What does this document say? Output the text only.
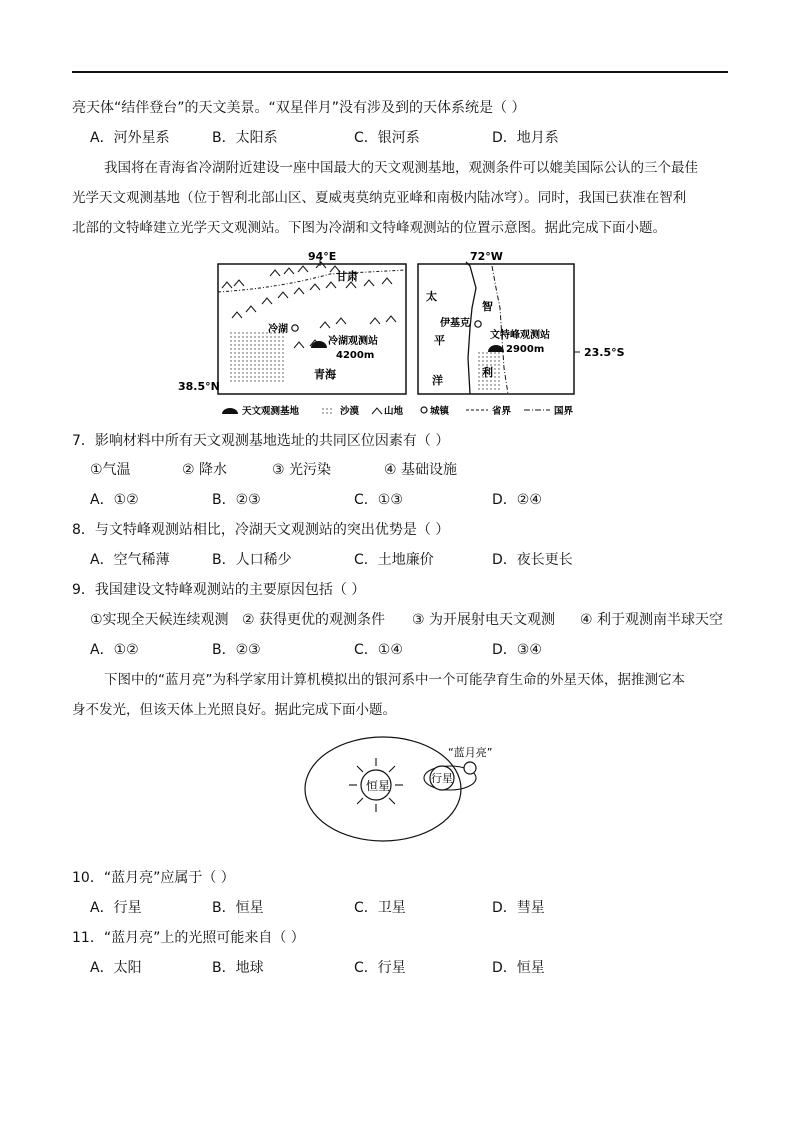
亮天体“结伴登台”的天文美景。“双星伴月”没有涉及到的天体系统是（ ）
A．河外星系	B．太阳系	C．银河系	D．地月系
我国将在青海省冷湖附近建设一座中国最大的天文观测基地，观测条件可以媲美国际公认的三个最佳
光学天文观测基地（位于智利北部山区、夏威夷莫纳克亚峰和南极内陆冰穹）。同时，我国已获准在智利
北部的文特峰建立光学天文观测站。下图为冷湖和文特峰观测站的位置示意图。据此完成下面小题。
94°E
38.5°N
甘肃
冷湖
冷湖观测站
4200m
青海
72°W
太
平
洋
智
利
伊基克
文特峰观测站
2900m	23.5°S
天文观测基地	沙漠	山地	城镇	省界	国界
7．影响材料中所有天文观测基地选址的共同区位因素有（ ）
①气温	② 降水	③ 光污染	④ 基础设施
A．①②	B．②③	C．①③	D．②④
8．与文特峰观测站相比，冷湖天文观测站的突出优势是（ ）
A．空气稀薄	B．人口稀少	C．土地廉价	D．夜长更长
9．我国建设文特峰观测站的主要原因包括（ ）
①实现全天候连续观测 ② 获得更优的观测条件 ③ 为开展射电天文观测 ④ 利于观测南半球天空
A．①②	B．②③	C．①④	D．③④
下图中的“蓝月亮”为科学家用计算机模拟出的银河系中一个可能孕育生命的外星天体，据推测它本
身不发光，但该天体上光照良好。据此完成下面小题。
恒星
行星
“蓝月亮”
10．“蓝月亮”应属于（ ）
A．行星	B．恒星	C．卫星	D．彗星
11．“蓝月亮”上的光照可能来自（ ）
A．太阳	B．地球	C．行星	D．恒星
